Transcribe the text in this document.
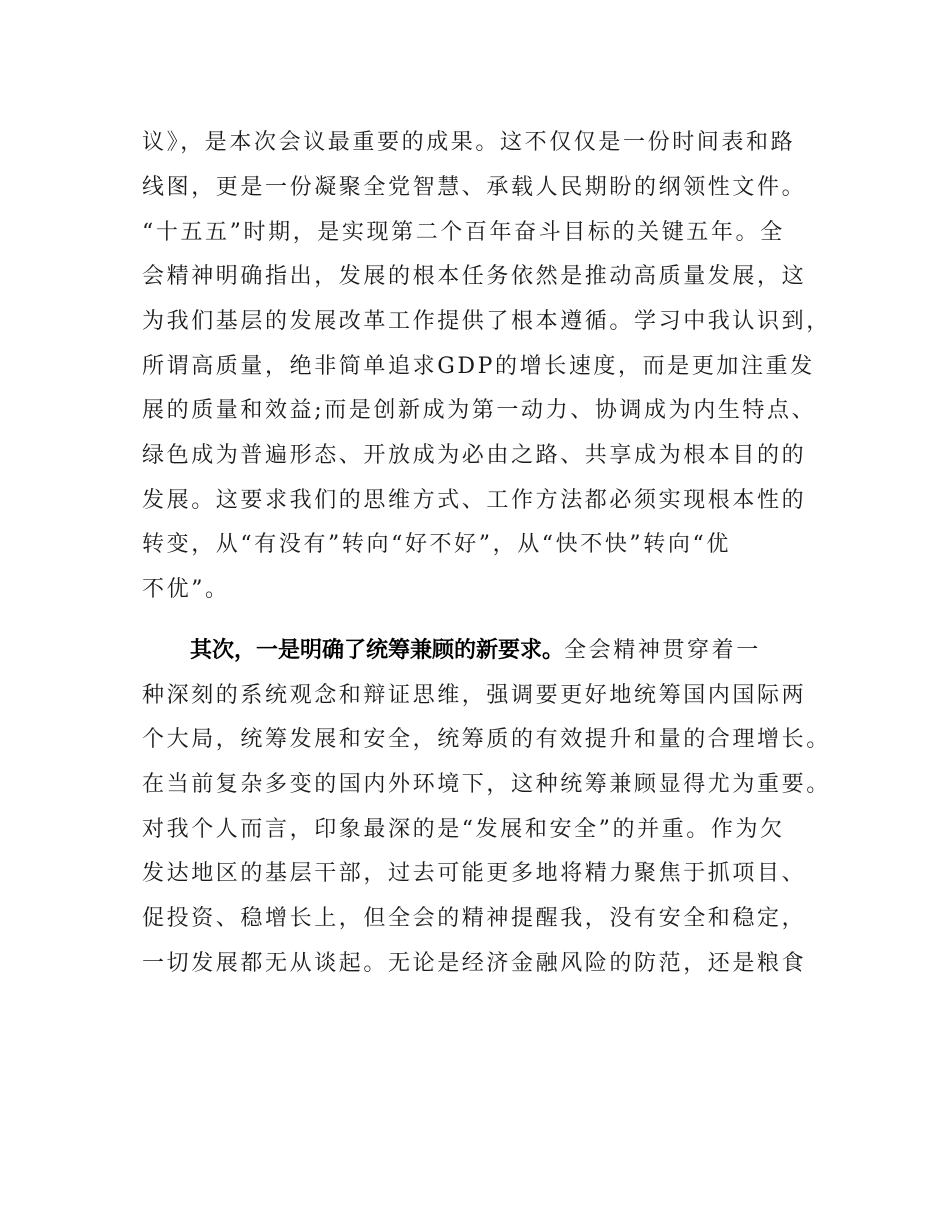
议》，是本次会议最重要的成果。这不仅仅是一份时间表和路
线图，更是一份凝聚全党智慧、承载人民期盼的纲领性文件。
“十五五”时期，是实现第二个百年奋斗目标的关键五年。全
会精神明确指出，发展的根本任务依然是推动高质量发展，这
为我们基层的发展改革工作提供了根本遵循。学习中我认识到，
所谓高质量，绝非简单追求GDP的增长速度，而是更加注重发
展的质量和效益;而是创新成为第一动力、协调成为内生特点、
绿色成为普遍形态、开放成为必由之路、共享成为根本目的的
发展。这要求我们的思维方式、工作方法都必须实现根本性的
转变，从“有没有”转向“好不好”，从“快不快”转向“优
不优”。
其次，一是明确了统筹兼顾的新要求。全会精神贯穿着一
种深刻的系统观念和辩证思维，强调要更好地统筹国内国际两
个大局，统筹发展和安全，统筹质的有效提升和量的合理增长。
在当前复杂多变的国内外环境下，这种统筹兼顾显得尤为重要。
对我个人而言，印象最深的是“发展和安全”的并重。作为欠
发达地区的基层干部，过去可能更多地将精力聚焦于抓项目、
促投资、稳增长上，但全会的精神提醒我，没有安全和稳定，
一切发展都无从谈起。无论是经济金融风险的防范，还是粮食
